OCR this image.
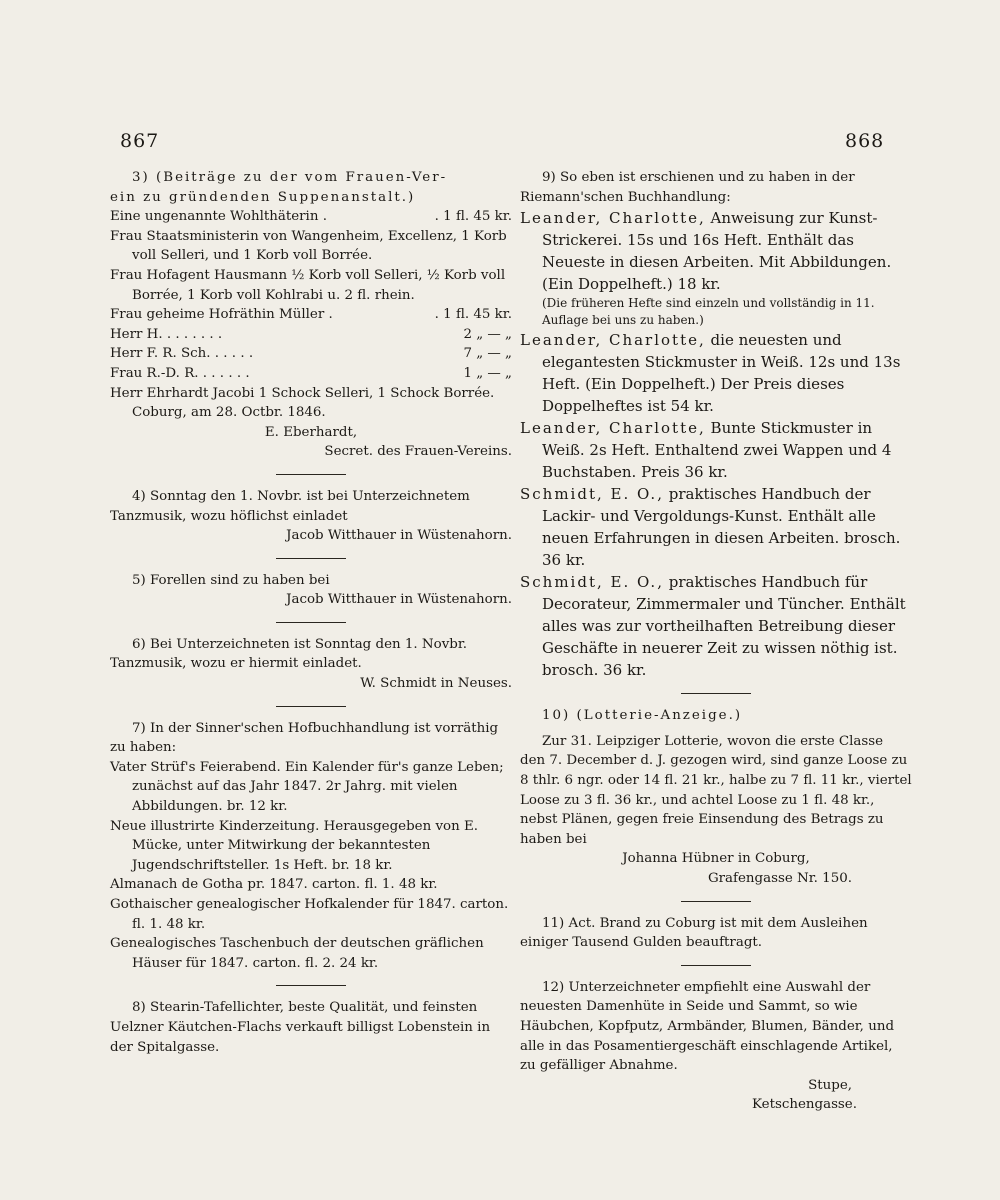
867	868

3) (Beiträge zu der vom Frauen-Ver-

ein zu gründenden Suppenanstalt.)

Eine ungenannte Wohlthäterin .	. 1 fl. 45 kr.

Frau Staatsministerin von Wangenheim, Excellenz, 1 Korb voll Selleri, und 1 Korb voll Borrée.

Frau Hofagent Hausmann ½ Korb voll Selleri, ½ Korb voll Borrée, 1 Korb voll Kohlrabi u. 2 fl. rhein.

Frau geheime Hofräthin Müller .	. 1 fl. 45 kr.
Herr H. . . . . . . .	2 „ — „
Herr F. R. Sch. . . . . .	7 „ — „
Frau R.-D. R. . . . . . .	1 „ — „

Herr Ehrhardt Jacobi 1 Schock Selleri, 1 Schock Borrée.

Coburg, am 28. Octbr. 1846.

E. Eberhardt,

Secret. des Frauen-Vereins.

4) Sonntag den 1. Novbr. ist bei Unterzeichnetem Tanzmusik, wozu höflichst einladet

Jacob Witthauer in Wüstenahorn.

5) Forellen sind zu haben bei

Jacob Witthauer in Wüstenahorn.

6) Bei Unterzeichneten ist Sonntag den 1. Novbr. Tanzmusik, wozu er hiermit einladet.

W. Schmidt in Neuses.

7) In der Sinner'schen Hofbuchhandlung ist vorräthig zu haben:

Vater Strüf's Feierabend. Ein Kalender für's ganze Leben; zunächst auf das Jahr 1847. 2r Jahrg. mit vielen Abbildungen. br. 12 kr.

Neue illustrirte Kinderzeitung. Herausgegeben von E. Mücke, unter Mitwirkung der bekanntesten Jugendschriftsteller. 1s Heft. br. 18 kr.

Almanach de Gotha pr. 1847. carton. fl. 1. 48 kr.

Gothaischer genealogischer Hofkalender für 1847. carton. fl. 1. 48 kr.

Genealogisches Taschenbuch der deutschen gräflichen Häuser für 1847. carton. fl. 2. 24 kr.

8) Stearin-Tafellichter, beste Qualität, und feinsten Uelzner Käutchen-Flachs verkauft billigst Lobenstein in der Spitalgasse.

9) So eben ist erschienen und zu haben in der Riemann'schen Buchhandlung:

Leander, Charlotte, Anweisung zur Kunst-Strickerei. 15s und 16s Heft. Enthält das Neueste in diesen Arbeiten. Mit Abbildungen. (Ein Doppelheft.) 18 kr.

(Die früheren Hefte sind einzeln und vollständig in 11. Auflage bei uns zu haben.)

Leander, Charlotte, die neuesten und elegantesten Stickmuster in Weiß. 12s und 13s Heft. (Ein Doppelheft.) Der Preis dieses Doppelheftes ist 54 kr.

Leander, Charlotte, Bunte Stickmuster in Weiß. 2s Heft. Enthaltend zwei Wappen und 4 Buchstaben. Preis 36 kr.

Schmidt, E. O., praktisches Handbuch der Lackir- und Vergoldungs-Kunst. Enthält alle neuen Erfahrungen in diesen Arbeiten. brosch. 36 kr.

Schmidt, E. O., praktisches Handbuch für Decorateur, Zimmermaler und Tüncher. Enthält alles was zur vortheilhaften Betreibung dieser Geschäfte in neuerer Zeit zu wissen nöthig ist. brosch. 36 kr.

10) (Lotterie-Anzeige.)

Zur 31. Leipziger Lotterie, wovon die erste Classe den 7. December d. J. gezogen wird, sind ganze Loose zu 8 thlr. 6 ngr. oder 14 fl. 21 kr., halbe zu 7 fl. 11 kr., viertel Loose zu 3 fl. 36 kr., und achtel Loose zu 1 fl. 48 kr., nebst Plänen, gegen freie Einsendung des Betrags zu haben bei

Johanna Hübner in Coburg,

Grafengasse Nr. 150.

11) Act. Brand zu Coburg ist mit dem Ausleihen einiger Tausend Gulden beauftragt.

12) Unterzeichneter empfiehlt eine Auswahl der neuesten Damenhüte in Seide und Sammt, so wie Häubchen, Kopfputz, Armbänder, Blumen, Bänder, und alle in das Posamentiergeschäft einschlagende Artikel, zu gefälliger Abnahme.

Stupe,

Ketschengasse.
